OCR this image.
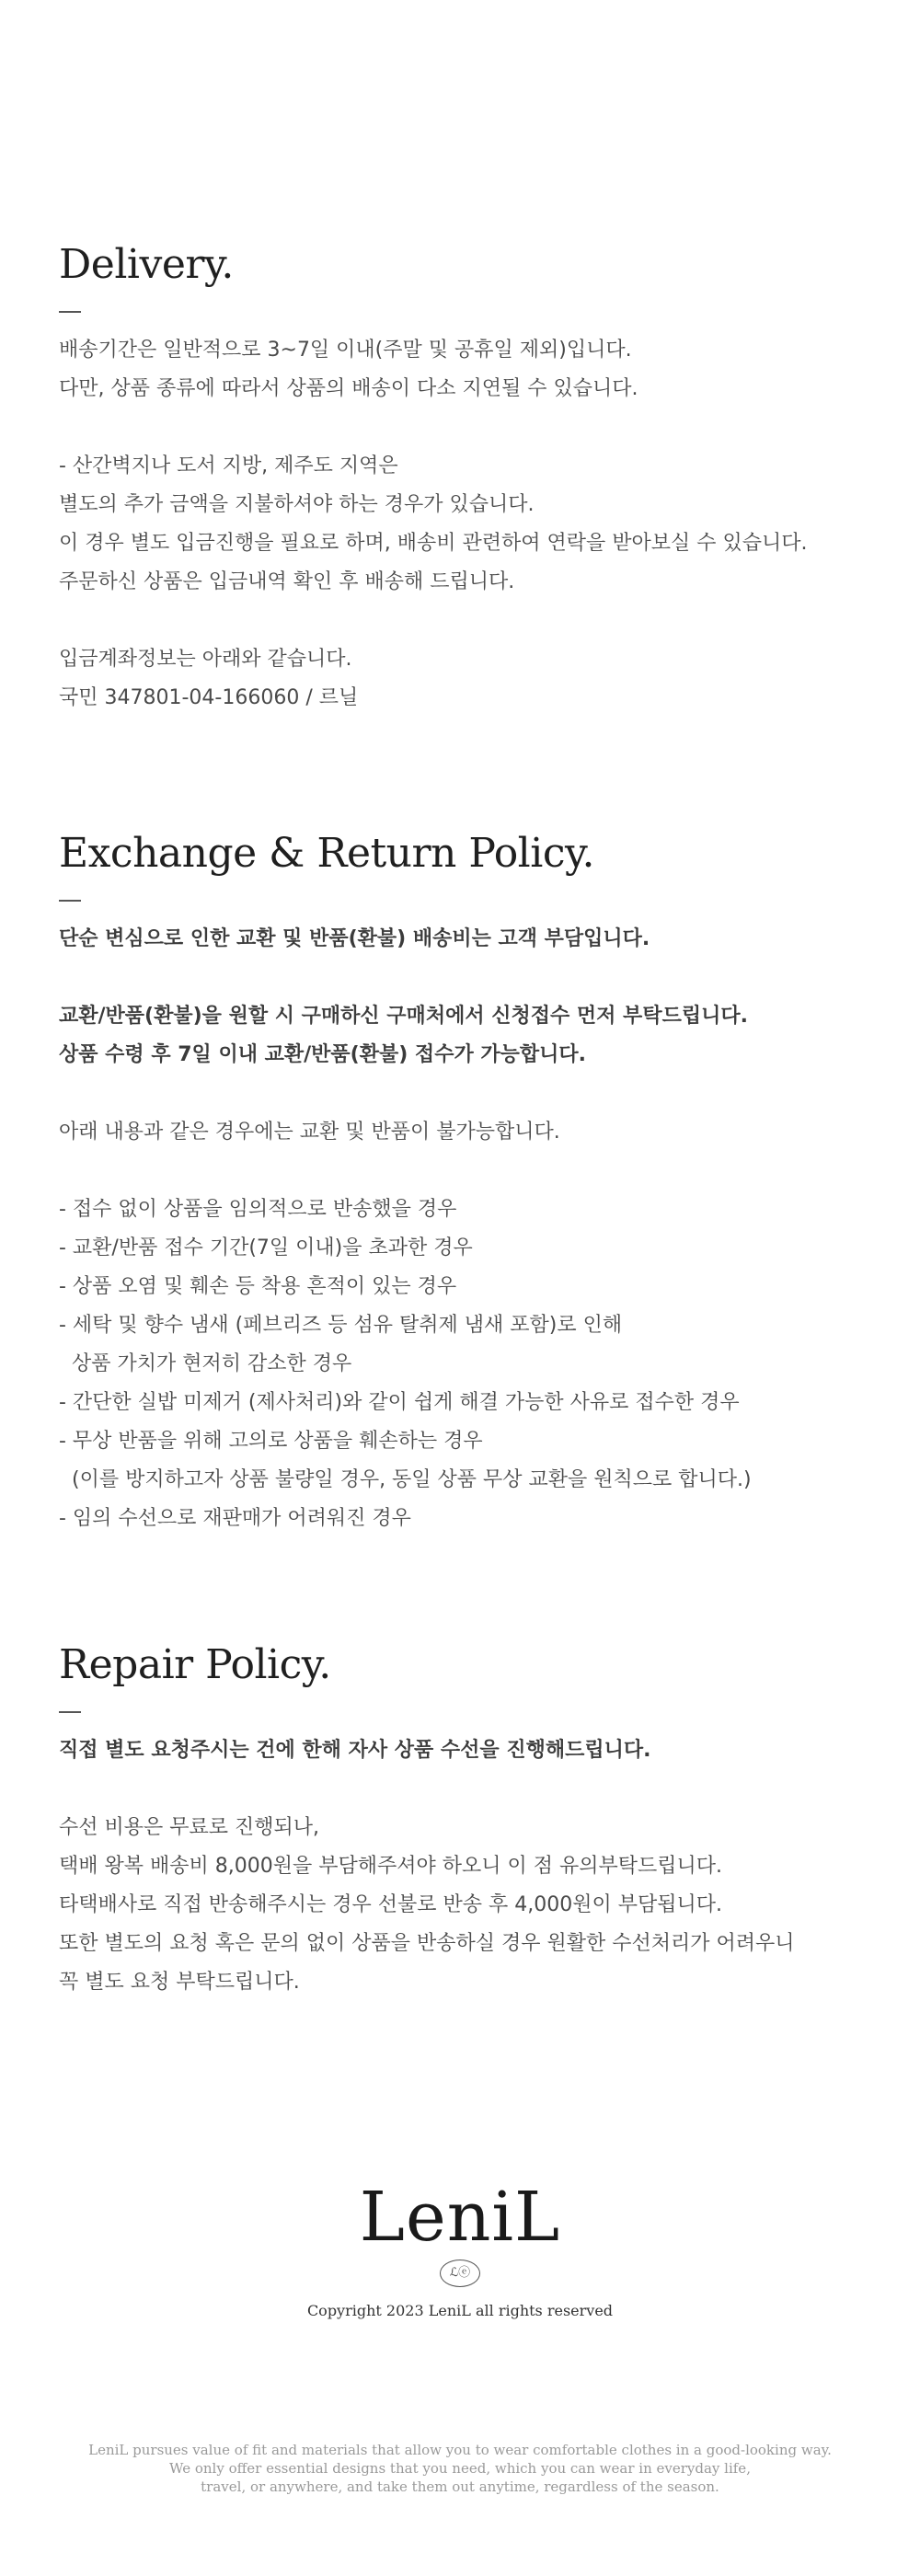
Delivery.
배송기간은 일반적으로 3~7일 이내(주말 및 공휴일 제외)입니다.
다만, 상품 종류에 따라서 상품의 배송이 다소 지연될 수 있습니다.
- 산간벽지나 도서 지방, 제주도 지역은
별도의 추가 금액을 지불하셔야 하는 경우가 있습니다.
이 경우 별도 입금진행을 필요로 하며, 배송비 관련하여 연락을 받아보실 수 있습니다.
주문하신 상품은 입금내역 확인 후 배송해 드립니다.
입금계좌정보는 아래와 같습니다.
국민 347801-04-166060 / 르닐
Exchange & Return Policy.
단순 변심으로 인한 교환 및 반품(환불) 배송비는 고객 부담입니다.
교환/반품(환불)을 원할 시 구매하신 구매처에서 신청접수 먼저 부탁드립니다.
상품 수령 후 7일 이내 교환/반품(환불) 접수가 가능합니다.
아래 내용과 같은 경우에는 교환 및 반품이 불가능합니다.
- 접수 없이 상품을 임의적으로 반송했을 경우
- 교환/반품 접수 기간(7일 이내)을 초과한 경우
- 상품 오염 및 훼손 등 착용 흔적이 있는 경우
- 세탁 및 향수 냄새 (페브리즈 등 섬유 탈취제 냄새 포함)로 인해
상품 가치가 현저히 감소한 경우
- 간단한 실밥 미제거 (제사처리)와 같이 쉽게 해결 가능한 사유로 접수한 경우
- 무상 반품을 위해 고의로 상품을 훼손하는 경우
(이를 방지하고자 상품 불량일 경우, 동일 상품 무상 교환을 원칙으로 합니다.)
- 임의 수선으로 재판매가 어려워진 경우
Repair Policy.
직접 별도 요청주시는 건에 한해 자사 상품 수선을 진행해드립니다.
수선 비용은 무료로 진행되나,
택배 왕복 배송비 8,000원을 부담해주셔야 하오니 이 점 유의부탁드립니다.
타택배사로 직접 반송해주시는 경우 선불로 반송 후 4,000원이 부담됩니다.
또한 별도의 요청 혹은 문의 없이 상품을 반송하실 경우 원활한 수선처리가 어려우니
꼭 별도 요청 부탁드립니다.
LeniL
ℒⓔ
Copyright 2023 LeniL all rights reserved
LeniL pursues value of fit and materials that allow you to wear comfortable clothes in a good-looking way.
We only offer essential designs that you need, which you can wear in everyday life,
travel, or anywhere, and take them out anytime, regardless of the season.
